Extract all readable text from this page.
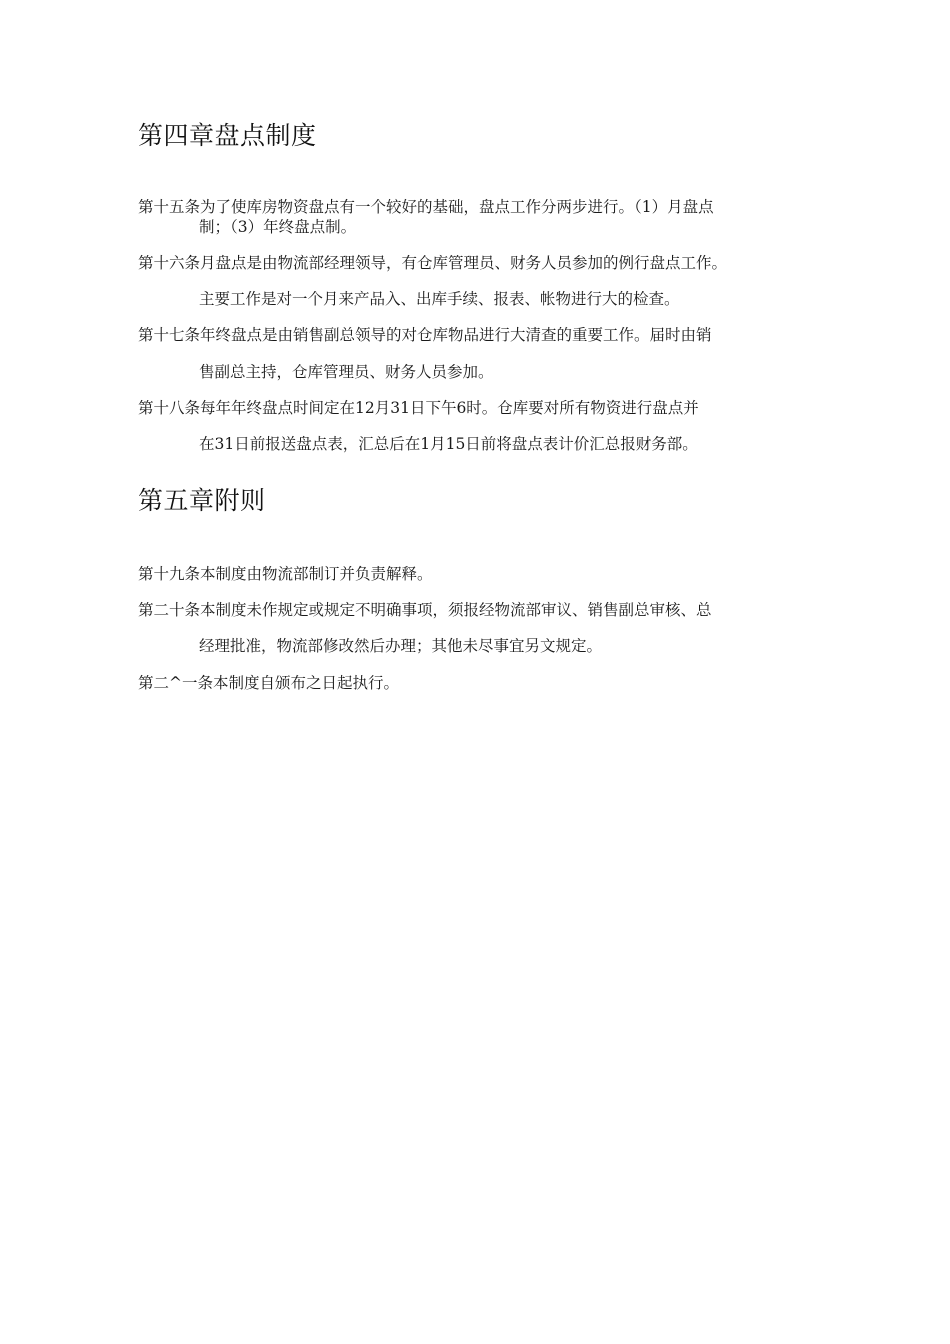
第四章盘点制度

第十五条为了使库房物资盘点有一个较好的基础，盘点工作分两步进行。（1）月盘点

制；（3）年终盘点制。

第十六条月盘点是由物流部经理领导，有仓库管理员、财务人员参加的例行盘点工作。

主要工作是对一个月来产品入、出库手续、报表、帐物进行大的检查。

第十七条年终盘点是由销售副总领导的对仓库物品进行大清查的重要工作。届时由销

售副总主持，仓库管理员、财务人员参加。

第十八条每年年终盘点时间定在12月31日下午6时。仓库要对所有物资进行盘点并

在31日前报送盘点表，汇总后在1月15日前将盘点表计价汇总报财务部。

第五章附则

第十九条本制度由物流部制订并负责解释。

第二十条本制度未作规定或规定不明确事项，须报经物流部审议、销售副总审核、总

经理批准，物流部修改然后办理；其他未尽事宜另文规定。

第二^一条本制度自颁布之日起执行。
